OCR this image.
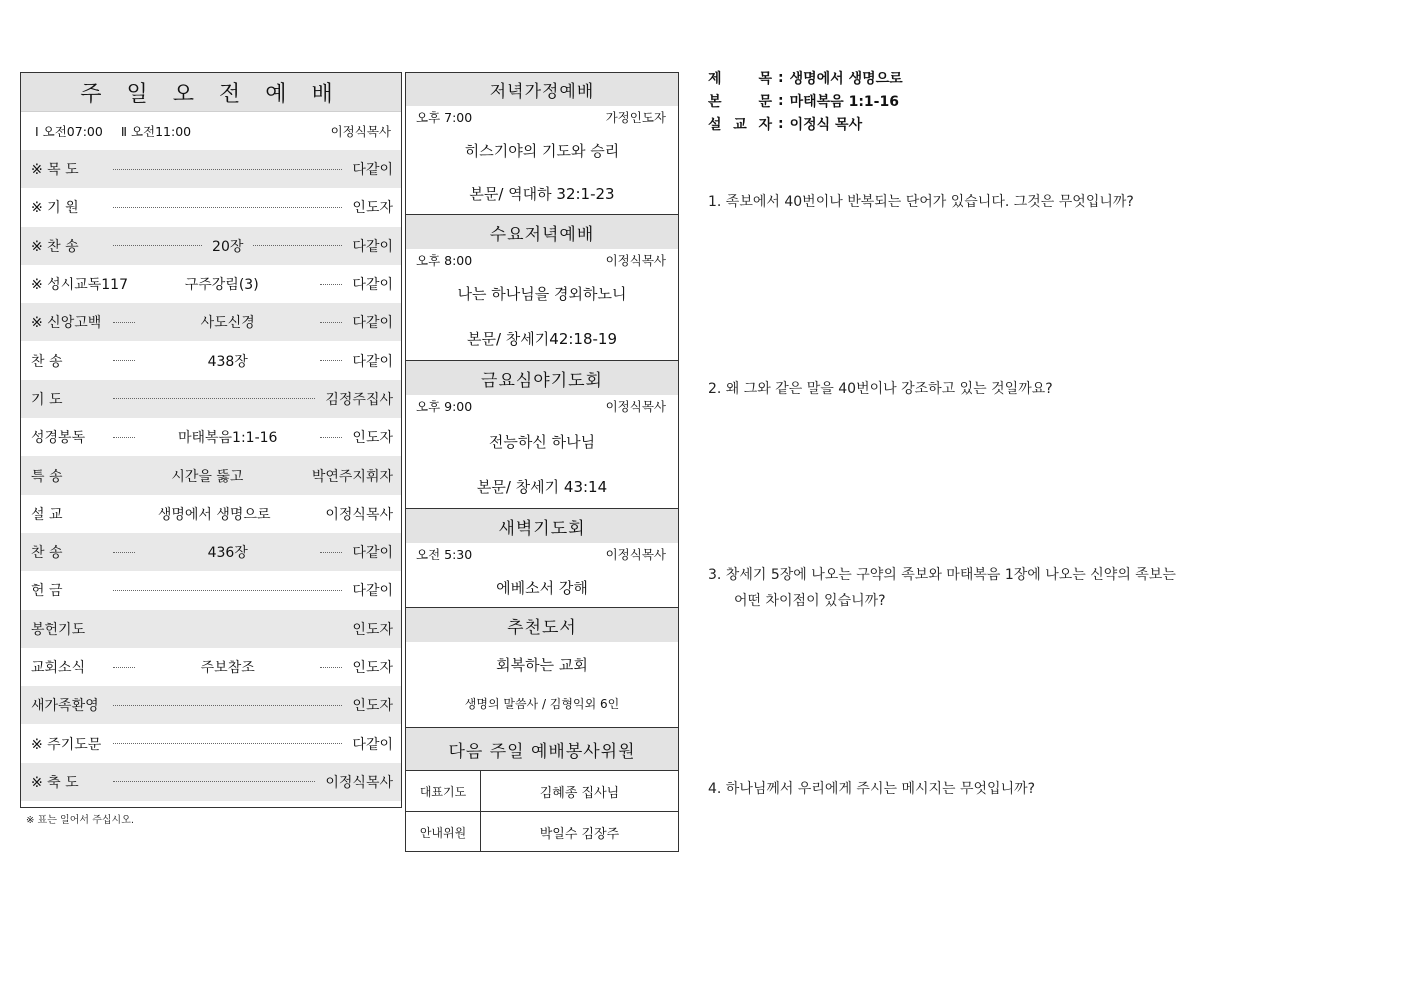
주 일 오 전 예 배
Ⅰ 오전07:00 Ⅱ 오전11:00	이정식목사
※ 목 도	다같이
※ 기 원	인도자
※ 찬 송	20장	다같이
※ 성시교독117	구주강림(3)	다같이
※ 신앙고백	사도신경	다같이
찬 송	438장	다같이
기 도	김정주집사
성경봉독	마태복음1:1-16	인도자
특 송	시간을 뚫고	박연주지휘자
설 교	생명에서 생명으로	이정식목사
찬 송	436장	다같이
헌 금	다같이
봉헌기도	인도자
교회소식	주보참조	인도자
새가족환영	인도자
※ 주기도문	다같이
※ 축 도	이정식목사
※ 표는 일어서 주십시오.
저녁가정예배
오후 7:00	가정인도자
히스기야의 기도와 승리
본문/ 역대하 32:1-23
수요저녁예배
오후 8:00	이정식목사
나는 하나님을 경외하노니
본문/ 창세기42:18-19
금요심야기도회
오후 9:00	이정식목사
전능하신 하나님
본문/ 창세기 43:14
새벽기도회
오전 5:30	이정식목사
에베소서 강해
추천도서
회복하는 교회
생명의 말씀사 / 김형익외 6인
다음 주일 예배봉사위원
대표기도	김혜종 집사님
안내위원	박일수 김장주
제	목 : 생명에서 생명으로
본	문 : 마태복음 1:1-16
설 교 자 : 이정식 목사
1. 족보에서 40번이나 반복되는 단어가 있습니다. 그것은 무엇입니까?
2. 왜 그와 같은 말을 40번이나 강조하고 있는 것일까요?
3. 창세기 5장에 나오는 구약의 족보와 마태복음 1장에 나오는 신약의 족보는
어떤 차이점이 있습니까?
4. 하나님께서 우리에게 주시는 메시지는 무엇입니까?
